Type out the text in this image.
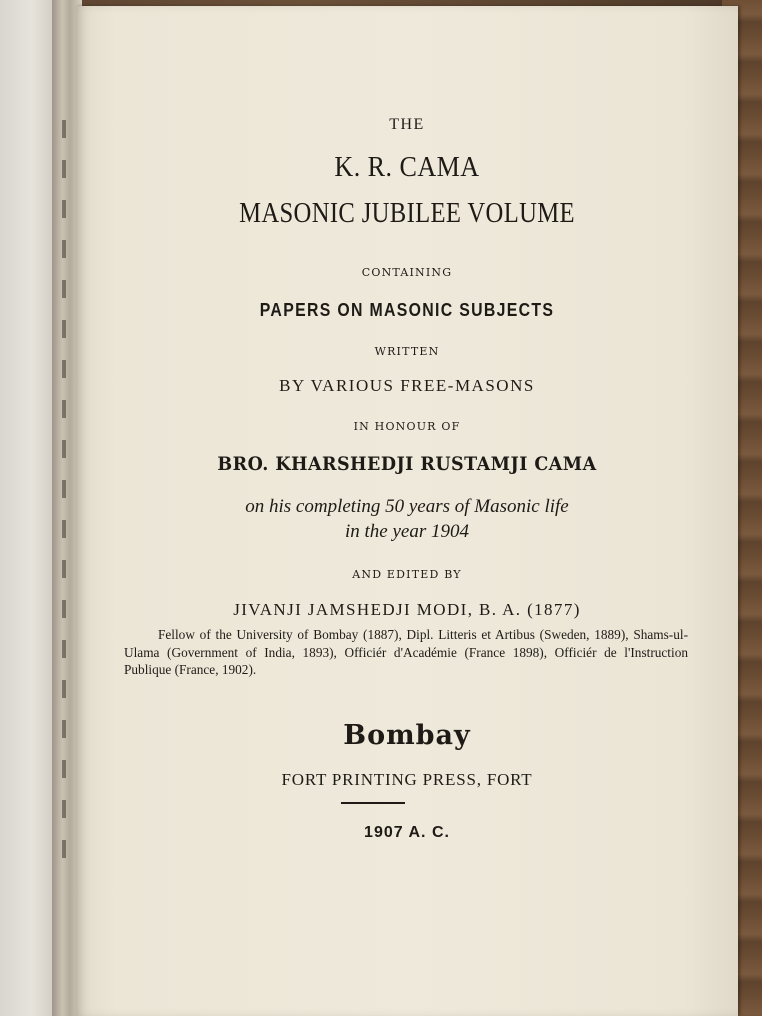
THE
K. R. CAMA
MASONIC JUBILEE VOLUME
CONTAINING
PAPERS ON MASONIC SUBJECTS
WRITTEN
BY VARIOUS FREE-MASONS
IN HONOUR OF
BRO. KHARSHEDJI RUSTAMJI CAMA
on his completing 50 years of Masonic life
in the year 1904
AND EDITED BY
JIVANJI JAMSHEDJI MODI, B. A. (1877)
Fellow of the University of Bombay (1887), Dipl. Litteris et Artibus (Sweden, 1889), Shams-ul-Ulama (Government of India, 1893), Officiér d'Académie (France 1898), Officiér de l'Instruction Publique (France, 1902).
Bombay
FORT PRINTING PRESS, FORT
1907 A. C.
